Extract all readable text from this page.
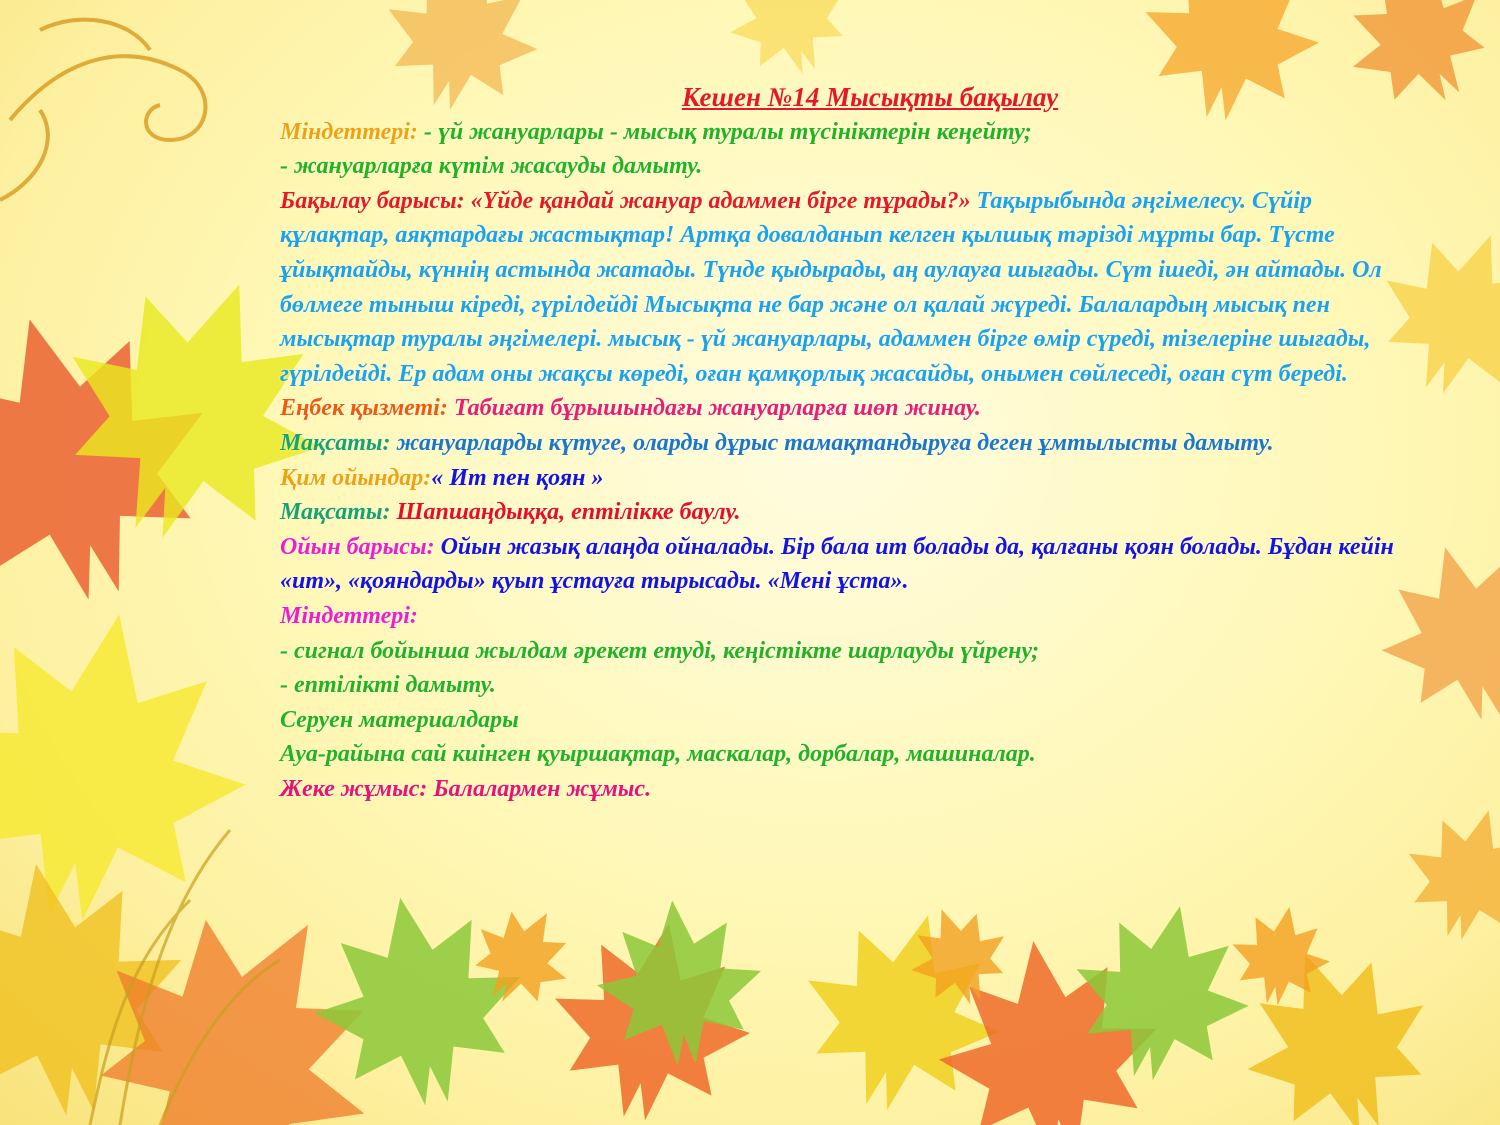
Кешен №14 Мысықты бақылау

Міндеттері: - үй жануарлары - мысық туралы түсініктерін кеңейту;

- жануарларға күтім жасауды дамыту.

Бақылау барысы: «Үйде қандай жануар адаммен бірге тұрады?» Тақырыбында әңгімелесу. Сүйір құлақтар, аяқтардағы жастықтар! Артқа довалданып келген қылшық тәрізді мұрты бар. Түсте ұйықтайды, күннің астында жатады. Түнде қыдырады, аң аулауға шығады. Сүт ішеді, ән айтады. Ол бөлмеге тыныш кіреді, гүрілдейді Мысықта не бар және ол қалай жүреді. Балалардың мысық пен мысықтар туралы әңгімелері. мысық - үй жануарлары, адаммен бірге өмір сүреді, тізелеріне шығады, гүрілдейді. Ер адам оны жақсы көреді, оған қамқорлық жасайды, онымен сөйлеседі, оған сүт береді.

Еңбек қызметі: Табиғат бұрышындағы жануарларға шөп жинау.

Мақсаты: жануарларды күтуге, оларды дұрыс тамақтандыруға деген ұмтылысты дамыту.

Қим ойындар:« Ит пен қоян »

Мақсаты: Шапшаңдыққа, ептілікке баулу.

Ойын барысы: Ойын жазық алаңда ойналады. Бір бала ит болады да, қалғаны қоян болады. Бұдан кейін «ит», «қояндарды» қуып ұстауға тырысады. «Мені ұста».

Міндеттері:

- сигнал бойынша жылдам әрекет етуді, кеңістікте шарлауды үйрену;

- ептілікті дамыту.

Серуен материалдары

Ауа-райына сай киінген қуыршақтар, маскалар, дорбалар, машиналар.

Жеке жұмыс: Балалармен жұмыс.
